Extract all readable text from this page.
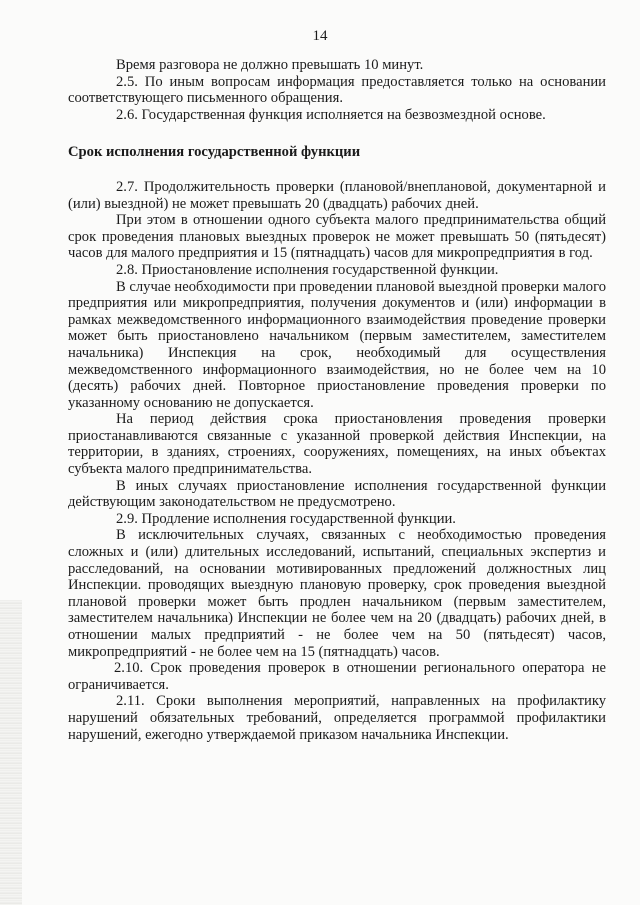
14

Время разговора не должно превышать 10 минут.

2.5. По иным вопросам информация предоставляется только на основании соответствующего письменного обращения.

2.6. Государственная функция исполняется на безвозмездной основе.

Срок исполнения государственной функции

2.7. Продолжительность проверки (плановой/внеплановой, документарной и (или) выездной) не может превышать 20 (двадцать) рабочих дней.

При этом в отношении одного субъекта малого предпринимательства общий срок проведения плановых выездных проверок не может превышать 50 (пятьдесят) часов для малого предприятия и 15 (пятнадцать) часов для микропредприятия в год.

2.8. Приостановление исполнения государственной функции.

В случае необходимости при проведении плановой выездной проверки малого предприятия или микропредприятия, получения документов и (или) информации в рамках межведомственного информационного взаимодействия проведение проверки может быть приостановлено начальником (первым заместителем, заместителем начальника) Инспекция на срок, необходимый для осуществления межведомственного информационного взаимодействия, но не более чем на 10 (десять) рабочих дней. Повторное приостановление проведения проверки по указанному основанию не допускается.

На период действия срока приостановления проведения проверки приостанавливаются связанные с указанной проверкой действия Инспекции, на территории, в зданиях, строениях, сооружениях, помещениях, на иных объектах субъекта малого предпринимательства.

В иных случаях приостановление исполнения государственной функции действующим законодательством не предусмотрено.

2.9. Продление исполнения государственной функции.

В исключительных случаях, связанных с необходимостью проведения сложных и (или) длительных исследований, испытаний, специальных экспертиз и расследований, на основании мотивированных предложений должностных лиц Инспекции. проводящих выездную плановую проверку, срок проведения выездной плановой проверки может быть продлен начальником (первым заместителем, заместителем начальника) Инспекции не более чем на 20 (двадцать) рабочих дней, в отношении малых предприятий - не более чем на 50 (пятьдесят) часов, микропредприятий - не более чем на 15 (пятнадцать) часов.

2.10. Срок проведения проверок в отношении регионального оператора не ограничивается.

2.11. Сроки выполнения мероприятий, направленных на профилактику нарушений обязательных требований, определяется программой профилактики нарушений, ежегодно утверждаемой приказом начальника Инспекции.
